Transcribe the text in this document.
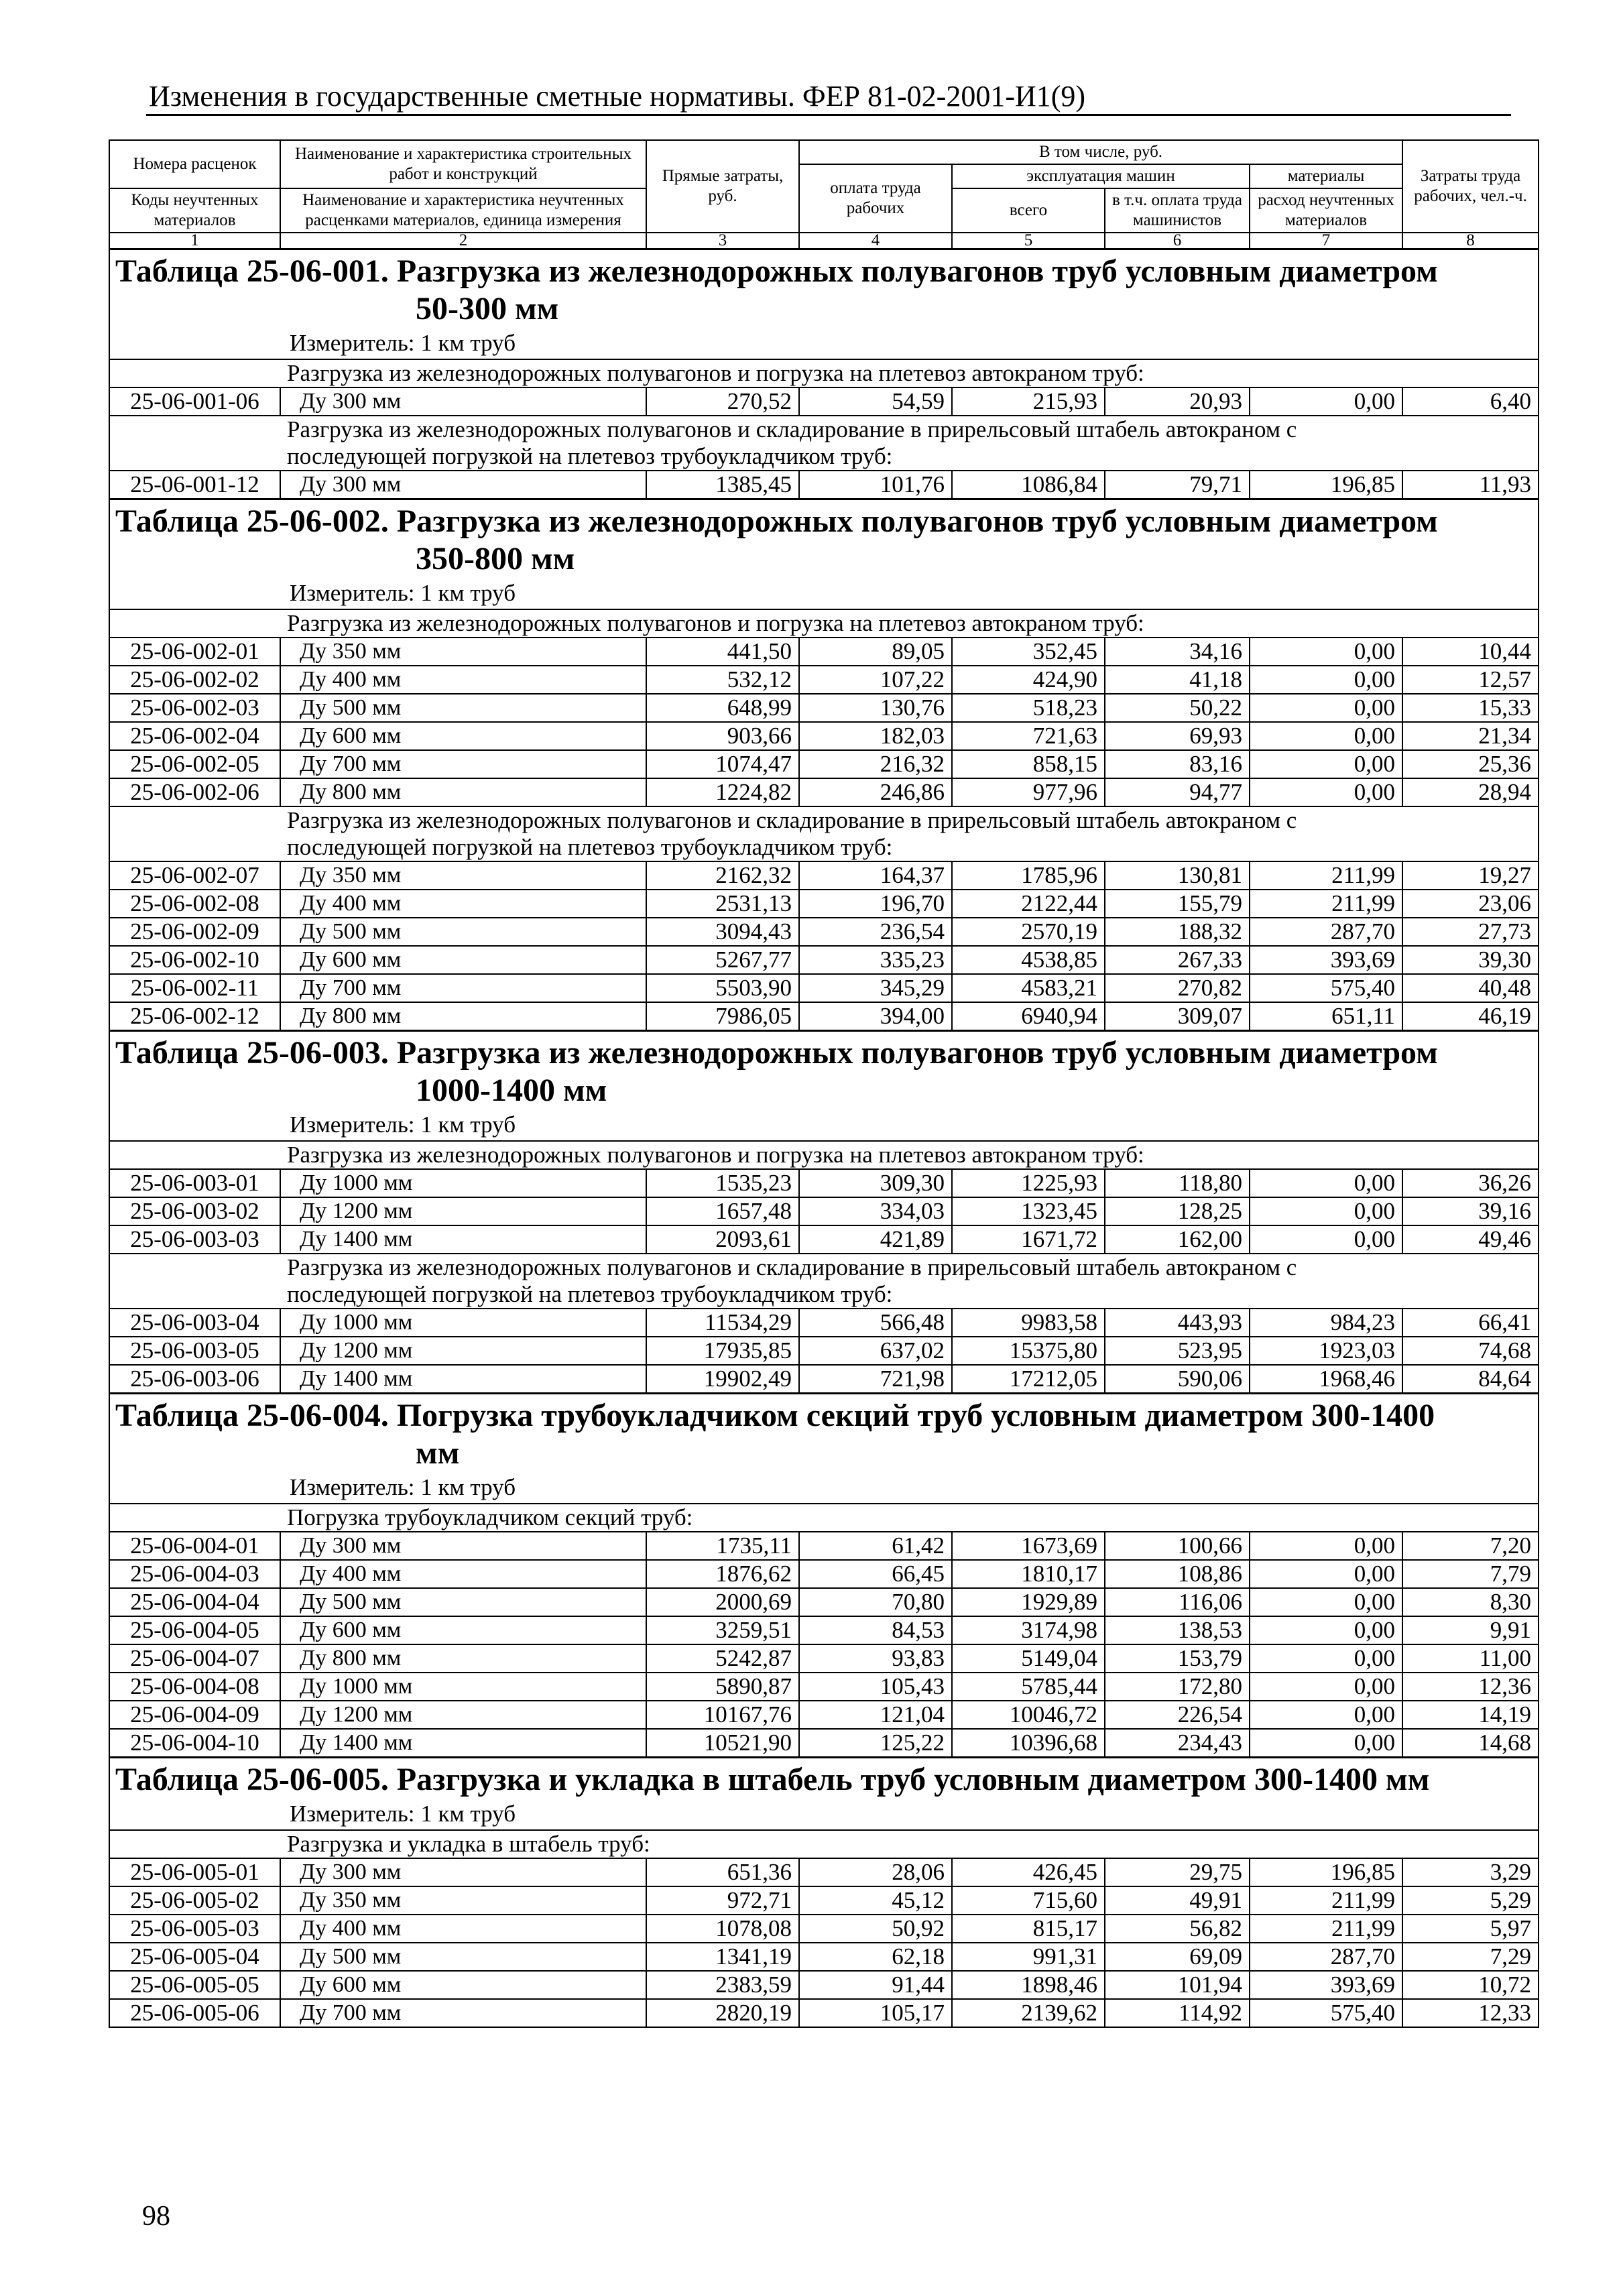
Изменения в государственные сметные нормативы. ФЕР 81-02-2001-И1(9)
Номера расценок	Наименование и характеристика строительных работ и конструкций	Прямые затраты, руб.	В том числе, руб.				Затраты труда рабочих, чел.-ч.
			оплата труда рабочих	эксплуатация машин		материалы	
Коды неучтенных материалов	Наименование и характеристика неучтенных расценками материалов, единица измерения			всего	в т.ч. оплата труда машинистов	расход неучтенных материалов	

1	2	3	4	5	6	7	8

Таблица 25-06-001. Разгрузка из железнодорожных полувагонов труб условным диаметром
50-300 мм							

Измеритель: 1 км труб							

	Разгрузка из железнодорожных полувагонов и погрузка на плетевоз автокраном труб:						

25-06-001-06	Ду 300 мм	270,52	54,59	215,93	20,93	0,00	6,40

	Разгрузка из железнодорожных полувагонов и складирование в прирельсовый штабель автокраном с
последующей погрузкой на плетевоз трубоукладчиком труб:						

25-06-001-12	Ду 300 мм	1385,45	101,76	1086,84	79,71	196,85	11,93

Таблица 25-06-002. Разгрузка из железнодорожных полувагонов труб условным диаметром
350-800 мм							

Измеритель: 1 км труб							

	Разгрузка из железнодорожных полувагонов и погрузка на плетевоз автокраном труб:						

25-06-002-01	Ду 350 мм	441,50	89,05	352,45	34,16	0,00	10,44
25-06-002-02	Ду 400 мм	532,12	107,22	424,90	41,18	0,00	12,57
25-06-002-03	Ду 500 мм	648,99	130,76	518,23	50,22	0,00	15,33
25-06-002-04	Ду 600 мм	903,66	182,03	721,63	69,93	0,00	21,34
25-06-002-05	Ду 700 мм	1074,47	216,32	858,15	83,16	0,00	25,36
25-06-002-06	Ду 800 мм	1224,82	246,86	977,96	94,77	0,00	28,94

	Разгрузка из железнодорожных полувагонов и складирование в прирельсовый штабель автокраном с
последующей погрузкой на плетевоз трубоукладчиком труб:						

25-06-002-07	Ду 350 мм	2162,32	164,37	1785,96	130,81	211,99	19,27
25-06-002-08	Ду 400 мм	2531,13	196,70	2122,44	155,79	211,99	23,06
25-06-002-09	Ду 500 мм	3094,43	236,54	2570,19	188,32	287,70	27,73
25-06-002-10	Ду 600 мм	5267,77	335,23	4538,85	267,33	393,69	39,30
25-06-002-11	Ду 700 мм	5503,90	345,29	4583,21	270,82	575,40	40,48
25-06-002-12	Ду 800 мм	7986,05	394,00	6940,94	309,07	651,11	46,19

Таблица 25-06-003. Разгрузка из железнодорожных полувагонов труб условным диаметром
1000-1400 мм							

Измеритель: 1 км труб							

	Разгрузка из железнодорожных полувагонов и погрузка на плетевоз автокраном труб:						

25-06-003-01	Ду 1000 мм	1535,23	309,30	1225,93	118,80	0,00	36,26
25-06-003-02	Ду 1200 мм	1657,48	334,03	1323,45	128,25	0,00	39,16
25-06-003-03	Ду 1400 мм	2093,61	421,89	1671,72	162,00	0,00	49,46

	Разгрузка из железнодорожных полувагонов и складирование в прирельсовый штабель автокраном с
последующей погрузкой на плетевоз трубоукладчиком труб:						

25-06-003-04	Ду 1000 мм	11534,29	566,48	9983,58	443,93	984,23	66,41
25-06-003-05	Ду 1200 мм	17935,85	637,02	15375,80	523,95	1923,03	74,68
25-06-003-06	Ду 1400 мм	19902,49	721,98	17212,05	590,06	1968,46	84,64

Таблица 25-06-004. Погрузка трубоукладчиком секций труб условным диаметром 300-1400
мм							

Измеритель: 1 км труб							

	Погрузка трубоукладчиком секций труб:						

25-06-004-01	Ду 300 мм	1735,11	61,42	1673,69	100,66	0,00	7,20
25-06-004-03	Ду 400 мм	1876,62	66,45	1810,17	108,86	0,00	7,79
25-06-004-04	Ду 500 мм	2000,69	70,80	1929,89	116,06	0,00	8,30
25-06-004-05	Ду 600 мм	3259,51	84,53	3174,98	138,53	0,00	9,91
25-06-004-07	Ду 800 мм	5242,87	93,83	5149,04	153,79	0,00	11,00
25-06-004-08	Ду 1000 мм	5890,87	105,43	5785,44	172,80	0,00	12,36
25-06-004-09	Ду 1200 мм	10167,76	121,04	10046,72	226,54	0,00	14,19
25-06-004-10	Ду 1400 мм	10521,90	125,22	10396,68	234,43	0,00	14,68

Таблица 25-06-005. Разгрузка и укладка в штабель труб условным диаметром 300-1400 мм							

Измеритель: 1 км труб							

	Разгрузка и укладка в штабель труб:						

25-06-005-01	Ду 300 мм	651,36	28,06	426,45	29,75	196,85	3,29
25-06-005-02	Ду 350 мм	972,71	45,12	715,60	49,91	211,99	5,29
25-06-005-03	Ду 400 мм	1078,08	50,92	815,17	56,82	211,99	5,97
25-06-005-04	Ду 500 мм	1341,19	62,18	991,31	69,09	287,70	7,29
25-06-005-05	Ду 600 мм	2383,59	91,44	1898,46	101,94	393,69	10,72
25-06-005-06	Ду 700 мм	2820,19	105,17	2139,62	114,92	575,40	12,33
98
